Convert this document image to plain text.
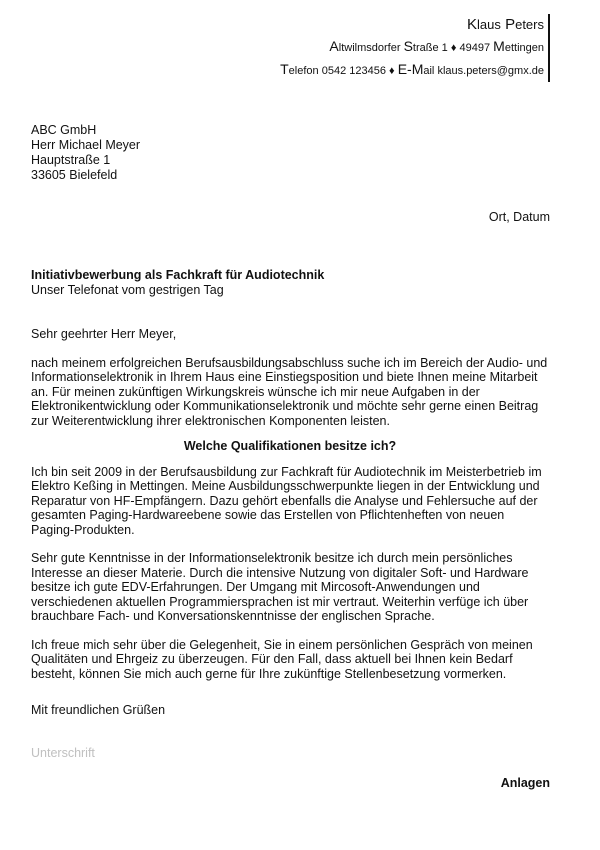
Klaus Peters
Altwilmsdorfer Straße 1 ♦ 49497 Mettingen
Telefon 0542 123456 ♦ E-Mail klaus.peters@gmx.de
ABC GmbH
Herr Michael Meyer
Hauptstraße 1
33605 Bielefeld
Ort, Datum
Initiativbewerbung als Fachkraft für Audiotechnik
Unser Telefonat vom gestrigen Tag

Sehr geehrter Herr Meyer,

nach meinem erfolgreichen Berufsausbildungsabschluss suche ich im Bereich der Audio- und Informationselektronik in Ihrem Haus eine Einstiegsposition und biete Ihnen meine Mitarbeit an. Für meinen zukünftigen Wirkungskreis wünsche ich mir neue Aufgaben in der Elektronikentwicklung oder Kommunikationselektronik und möchte sehr gerne einen Beitrag zur Weiterentwicklung ihrer elektronischen Komponenten leisten.

Welche Qualifikationen besitze ich?

Ich bin seit 2009 in der Berufsausbildung zur Fachkraft für Audiotechnik im Meisterbetrieb im Elektro Keßing in Mettingen. Meine Ausbildungsschwerpunkte liegen in der Entwicklung und Reparatur von HF-Empfängern. Dazu gehört ebenfalls die Analyse und Fehlersuche auf der gesamten Paging-Hardwareebene sowie das Erstellen von Pflichtenheften von neuen Paging-Produkten.

Sehr gute Kenntnisse in der Informationselektronik besitze ich durch mein persönliches Interesse an dieser Materie. Durch die intensive Nutzung von digitaler Soft- und Hardware besitze ich gute EDV-Erfahrungen. Der Umgang mit Mircosoft-Anwendungen und verschiedenen aktuellen Programmiersprachen ist mir vertraut. Weiterhin verfüge ich über brauchbare Fach- und Konversationskenntnisse der englischen Sprache.

Ich freue mich sehr über die Gelegenheit, Sie in einem persönlichen Gespräch von meinen Qualitäten und Ehrgeiz zu überzeugen. Für den Fall, dass aktuell bei Ihnen kein Bedarf besteht, können Sie mich auch gerne für Ihre zukünftige Stellenbesetzung vormerken.

Mit freundlichen Grüßen
Unterschrift
Anlagen
